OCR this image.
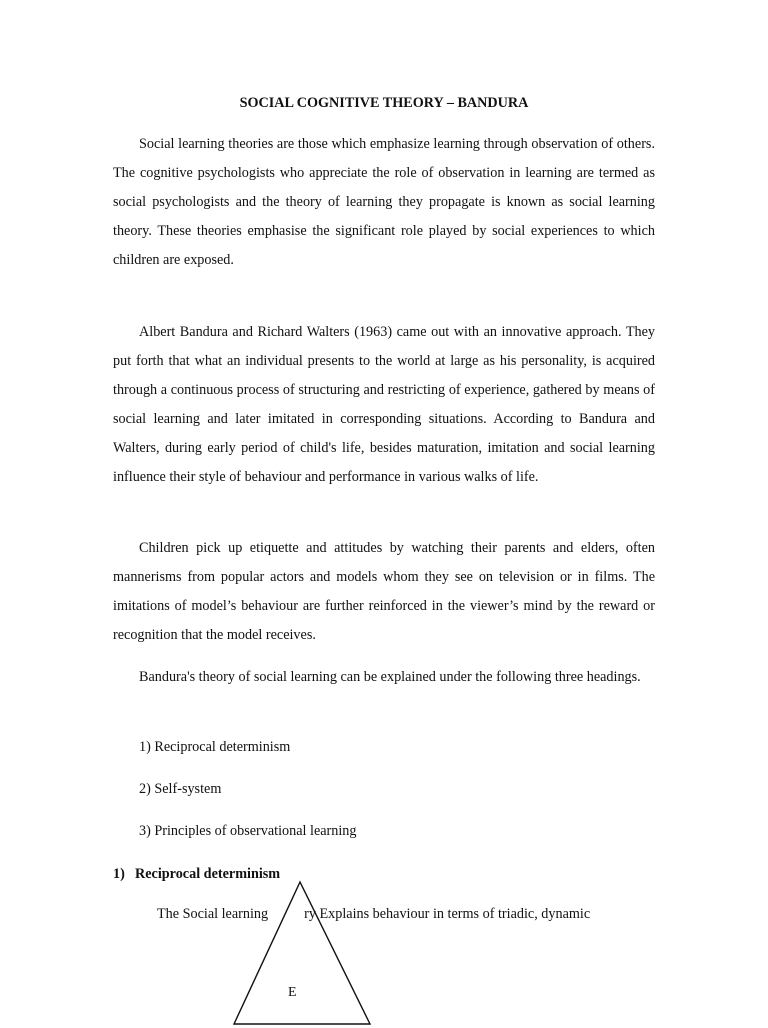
SOCIAL COGNITIVE THEORY – BANDURA

Social learning theories are those which emphasize learning through observation of others. The cognitive psychologists who appreciate the role of observation in learning are termed as social psychologists and the theory of learning they propagate is known as social learning theory. These theories emphasise the significant role played by social experiences to which children are exposed.

Albert Bandura and Richard Walters (1963) came out with an innovative approach. They put forth that what an individual presents to the world at large as his personality, is acquired through a continuous process of structuring and restricting of experience, gathered by means of social learning and later imitated in corresponding situations. According to Bandura and Walters, during early period of child's life, besides maturation, imitation and social learning influence their style of behaviour and performance in various walks of life.

Children pick up etiquette and attitudes by watching their parents and elders, often mannerisms from popular actors and models whom they see on television or in films. The imitations of model’s behaviour are further reinforced in the viewer’s mind by the reward or recognition that the model receives.

Bandura's theory of social learning can be explained under the following three headings.

1) Reciprocal determinism

2) Self-system

3) Principles of observational learning

1) Reciprocal determinism

The Social learning	ry Explains behaviour in terms of triadic, dynamic

E
